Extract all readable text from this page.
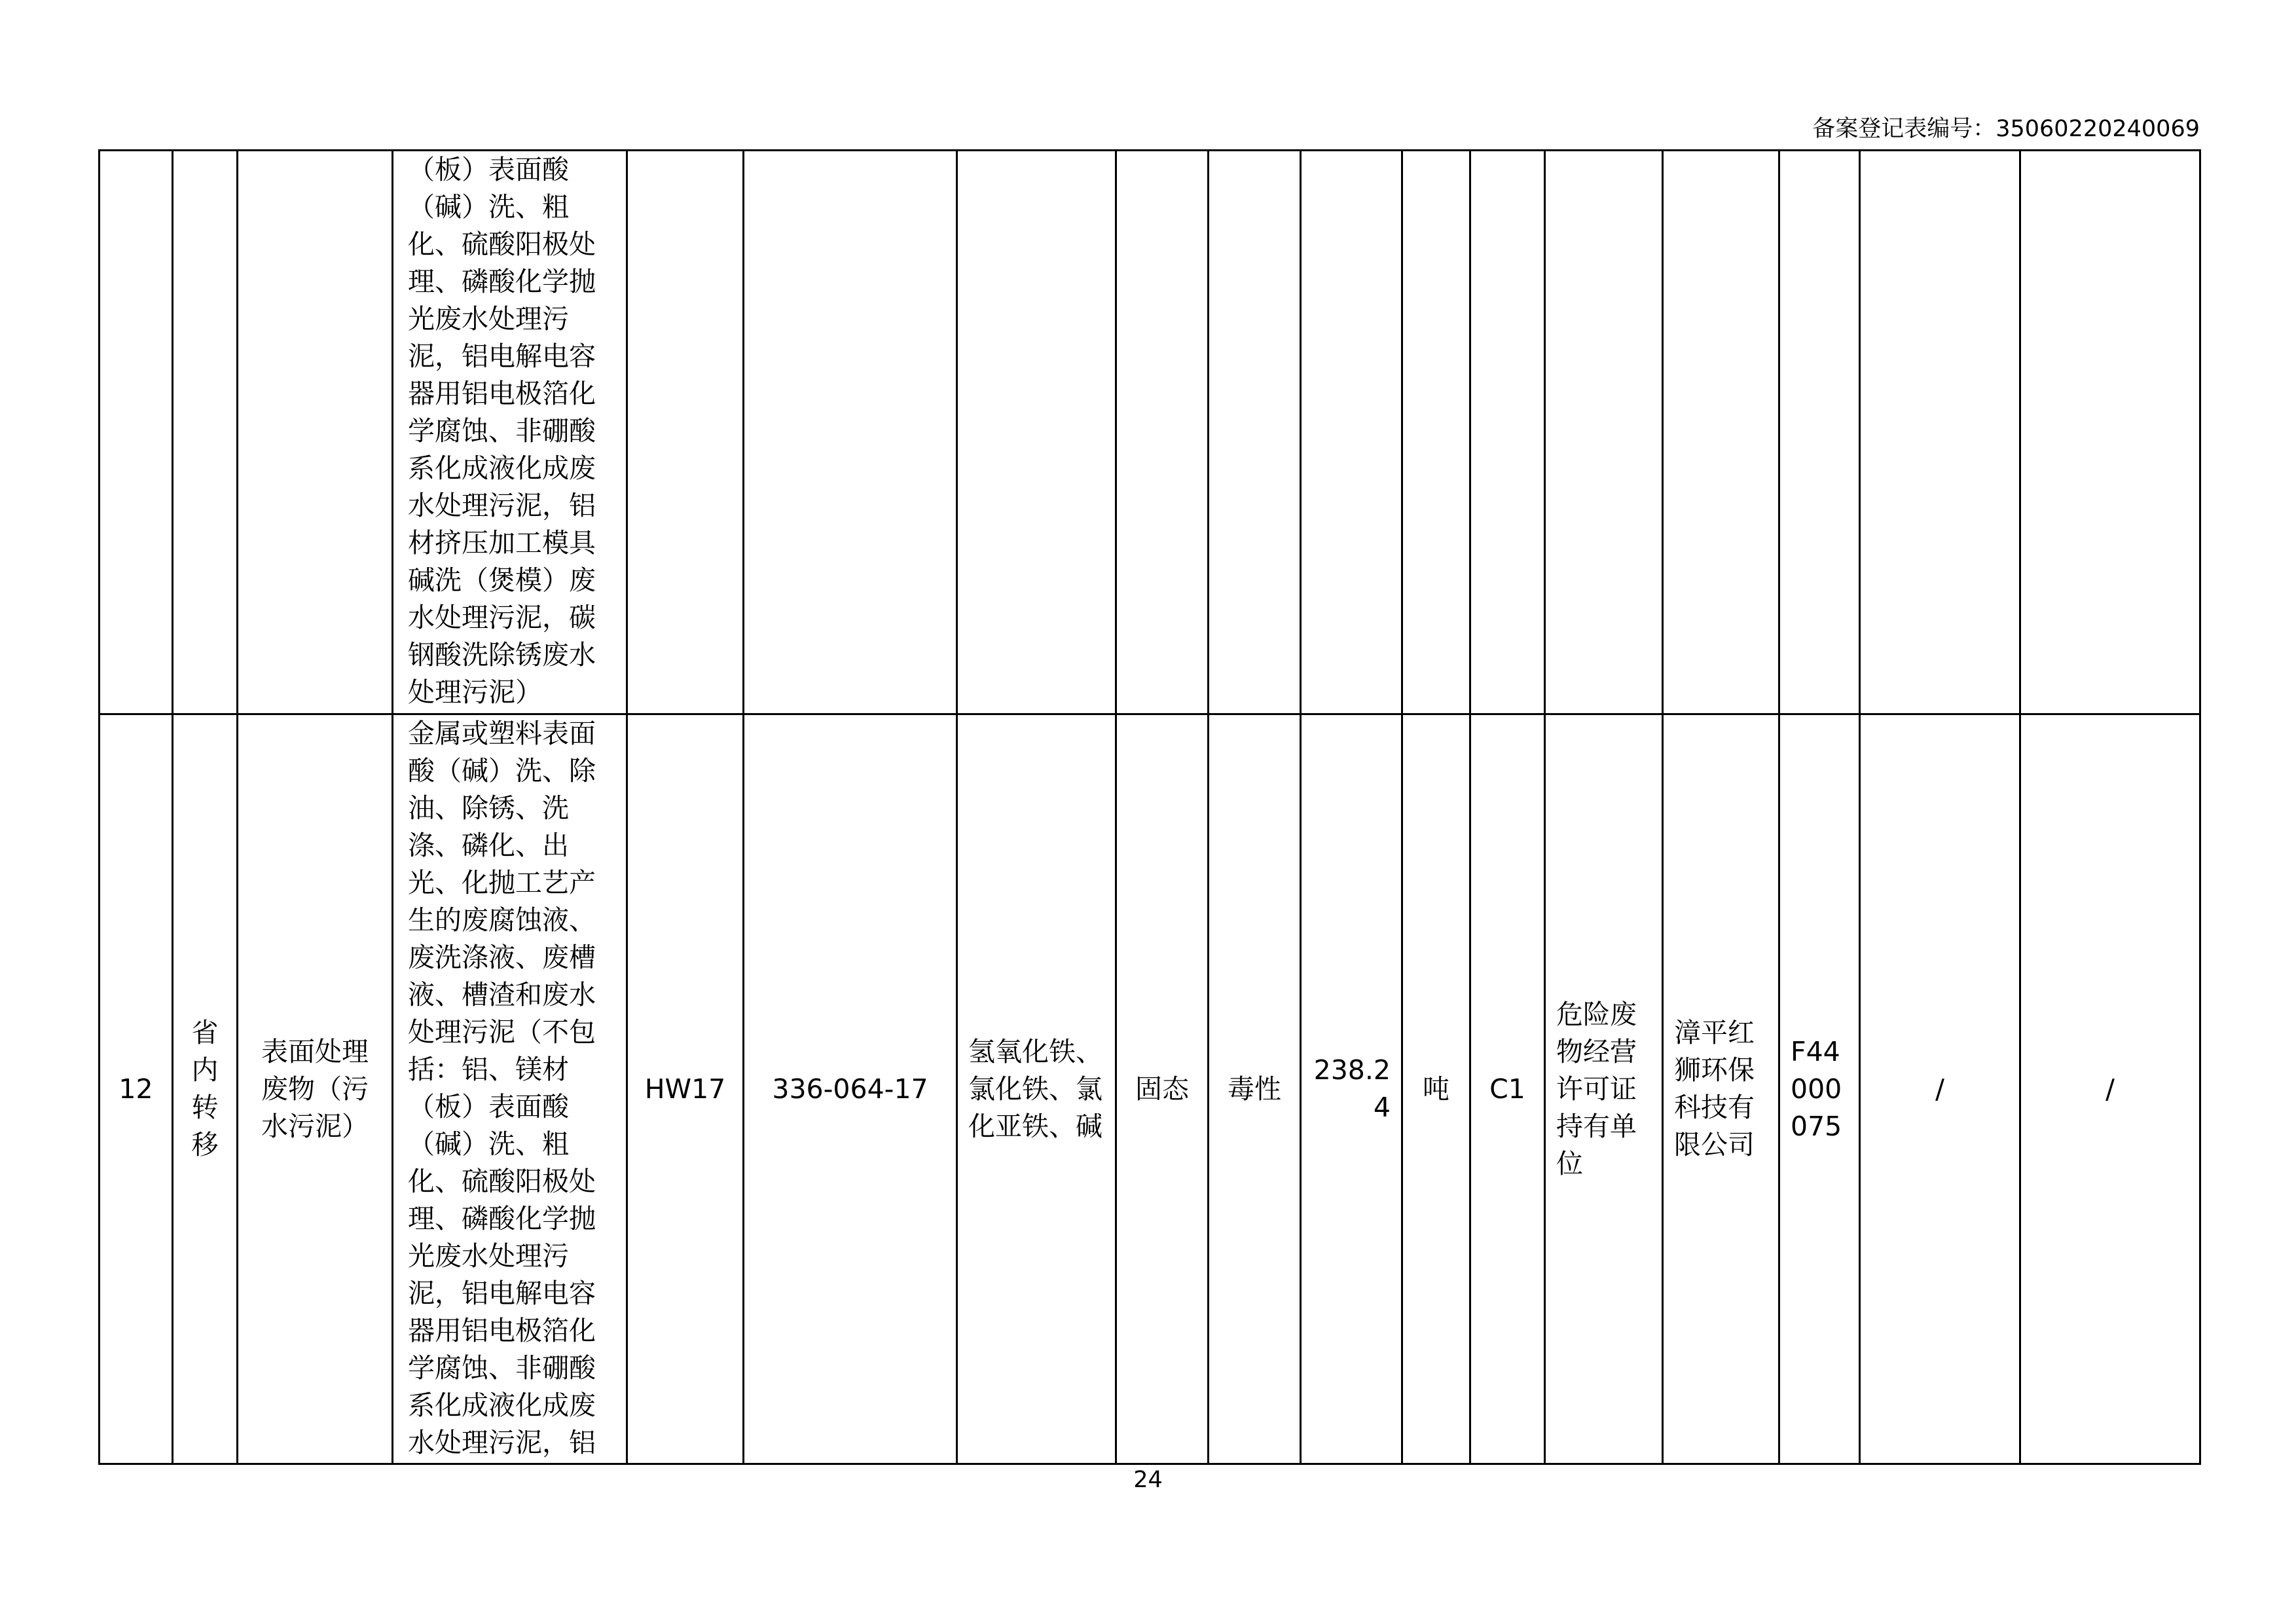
备案登记表编号：35060220240069
			（板）表面酸（碱）洗、粗化、硫酸阳极处理、磷酸化学抛光废水处理污泥，铝电解电容器用铝电极箔化学腐蚀、非硼酸系化成液化成废水处理污泥，铝材挤压加工模具碱洗（煲模）废水处理污泥，碳钢酸洗除锈废水处理污泥）													
12	省内转移	表面处理废物（污水污泥）	金属或塑料表面酸（碱）洗、除油、除锈、洗涤、磷化、出光、化抛工艺产生的废腐蚀液、废洗涤液、废槽液、槽渣和废水处理污泥（不包括：铝、镁材（板）表面酸（碱）洗、粗化、硫酸阳极处理、磷酸化学抛光废水处理污泥，铝电解电容器用铝电极箔化学腐蚀、非硼酸系化成液化成废水处理污泥，铝	HW17	336-064-17	氢氧化铁、氯化铁、氯化亚铁、碱	固态	毒性	238.24	吨	C1	危险废物经营许可证持有单位	漳平红狮环保科技有限公司	F44000075	/	/
24
